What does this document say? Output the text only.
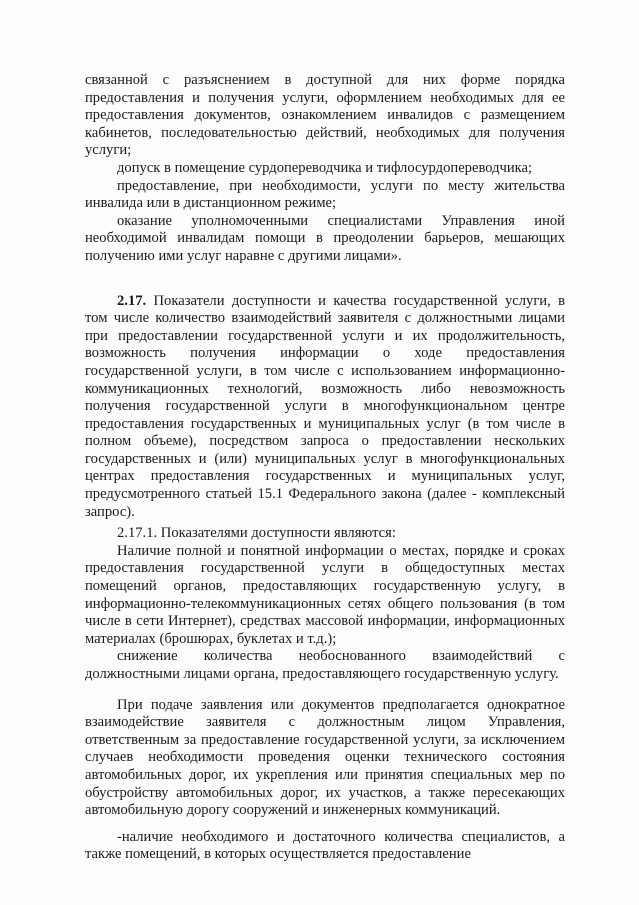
связанной с разъяснением в доступной для них форме порядка предоставления и получения услуги, оформлением необходимых для ее предоставления документов, ознакомлением инвалидов с размещением кабинетов, последовательностью действий, необходимых для получения услуги;

допуск в помещение сурдопереводчика и тифлосурдопереводчика;

предоставление, при необходимости, услуги по месту жительства инвалида или в дистанционном режиме;

оказание уполномоченными специалистами Управления иной необходимой инвалидам помощи в преодолении барьеров, мешающих получению ими услуг наравне с другими лицами».

2.17. Показатели доступности и качества государственной услуги, в том числе количество взаимодействий заявителя с должностными лицами при предоставлении государственной услуги и их продолжительность, возможность получения информации о ходе предоставления государственной услуги, в том числе с использованием информационно-коммуникационных технологий, возможность либо невозможность получения государственной услуги в многофункциональном центре предоставления государственных и муниципальных услуг (в том числе в полном объеме), посредством запроса о предоставлении нескольких государственных и (или) муниципальных услуг в многофункциональных центрах предоставления государственных и муниципальных услуг, предусмотренного статьей 15.1 Федерального закона (далее - комплексный запрос).

2.17.1. Показателями доступности являются:

Наличие полной и понятной информации о местах, порядке и сроках предоставления государственной услуги в общедоступных местах помещений органов, предоставляющих государственную услугу, в информационно-телекоммуникационных сетях общего пользования (в том числе в сети Интернет), средствах массовой информации, информационных материалах (брошюрах, буклетах и т.д.);

снижение количества необоснованного взаимодействий с должностными лицами органа, предоставляющего государственную услугу.

При подаче заявления или документов предполагается однократное взаимодействие заявителя с должностным лицом Управления, ответственным за предоставление государственной услуги, за исключением случаев необходимости проведения оценки технического состояния автомобильных дорог, их укрепления или принятия специальных мер по обустройству автомобильных дорог, их участков, а также пересекающих автомобильную дорогу сооружений и инженерных коммуникаций.

-наличие необходимого и достаточного количества специалистов, а также помещений, в которых осуществляется предоставление
